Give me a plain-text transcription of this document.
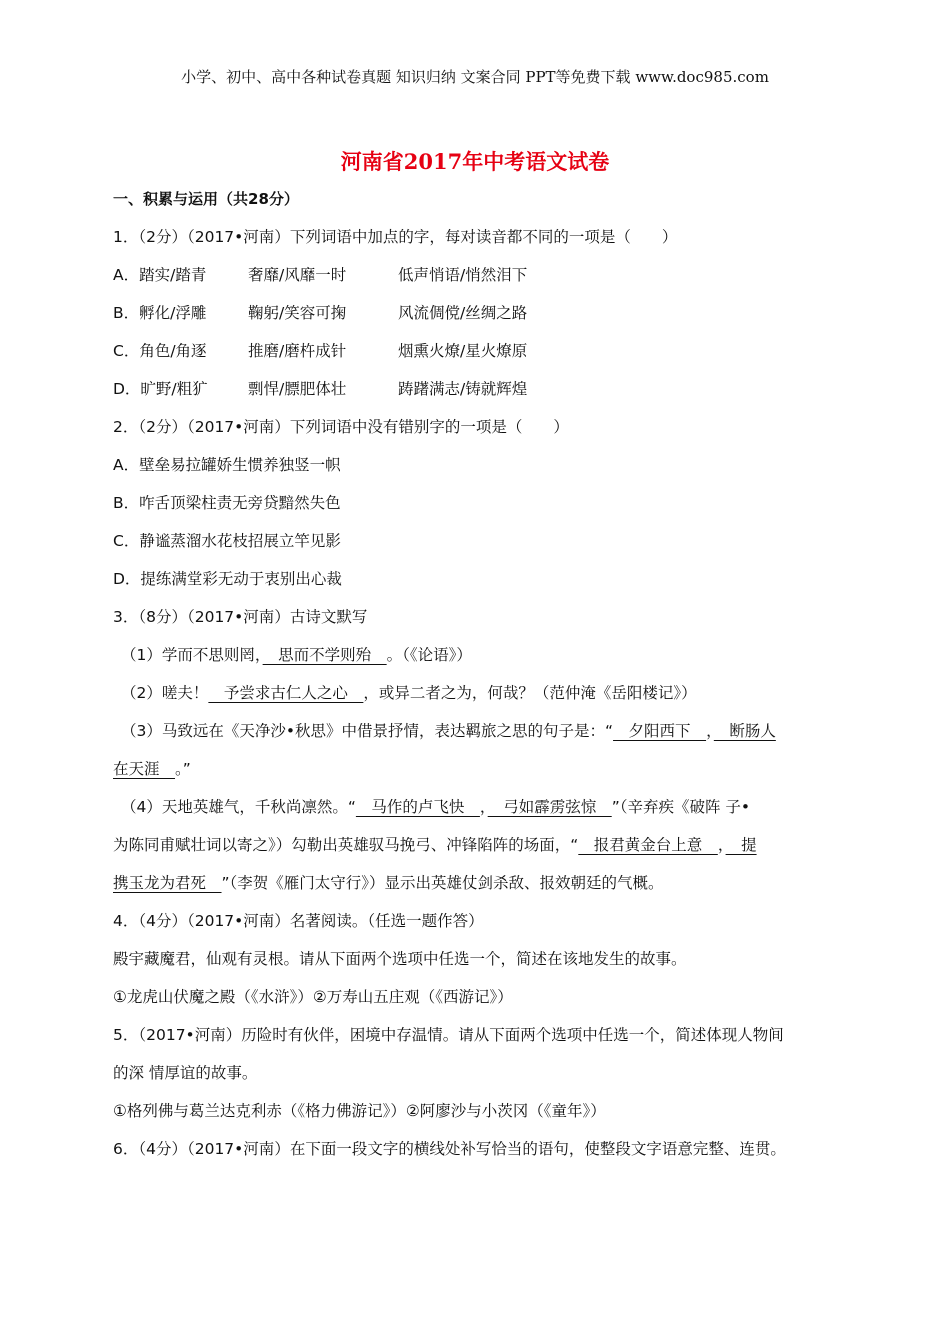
小学、初中、高中各种试卷真题 知识归纳 文案合同 PPT等免费下载 www.doc985.com
河南省2017年中考语文试卷
一、积累与运用（共28分）
1．（2分）（2017•河南）下列词语中加点的字，每对读音都不同的一项是（　　）
A．踏实/踏青	奢靡/风靡一时	低声悄语/悄然泪下
B．孵化/浮雕	鞠躬/笑容可掬	风流倜傥/丝绸之路
C．角色/角逐	推磨/磨杵成针	烟熏火燎/星火燎原
D．旷野/粗犷	剽悍/膘肥体壮	踌躇满志/铸就辉煌
2．（2分）（2017•河南）下列词语中没有错别字的一项是（　　）
A．壁垒易拉罐娇生惯养独竖一帜
B．咋舌顶梁柱责无旁贷黯然失色
C．静谧蒸溜水花枝招展立竿见影
D．提练满堂彩无动于衷别出心裁
3．（8分）（2017•河南）古诗文默写
（1）学而不思则罔，　思而不学则殆　。（《论语》）
（2）嗟夫！　予尝求古仁人之心　，或异二者之为，何哉？（范仲淹《岳阳楼记》）
（3）马致远在《天净沙•秋思》中借景抒情，表达羁旅之思的句子是：“　夕阳西下　，　断肠人
在天涯　。”
（4）天地英雄气，千秋尚凛然。“　马作的卢飞快　，　弓如霹雳弦惊　”（辛弃疾《破阵 子•
为陈同甫赋壮词以寄之》）勾勒出英雄驭马挽弓、冲锋陷阵的场面，“　报君黄金台上意　，　提
携玉龙为君死　”（李贺《雁门太守行》）显示出英雄仗剑杀敌、报效朝廷的气概。
4．（4分）（2017•河南）名著阅读。（任选一题作答）
殿宇藏魔君，仙观有灵根。请从下面两个选项中任选一个，简述在该地发生的故事。
①龙虎山伏魔之殿（《水浒》）②万寿山五庄观（《西游记》）
5．（2017•河南）历险时有伙伴，困境中存温情。请从下面两个选项中任选一个，简述体现人物间
的深 情厚谊的故事。
①格列佛与葛兰达克利赤（《格力佛游记》）②阿廖沙与小茨冈（《童年》）
6．（4分）（2017•河南）在下面一段文字的横线处补写恰当的语句，使整段文字语意完整、连贯。
